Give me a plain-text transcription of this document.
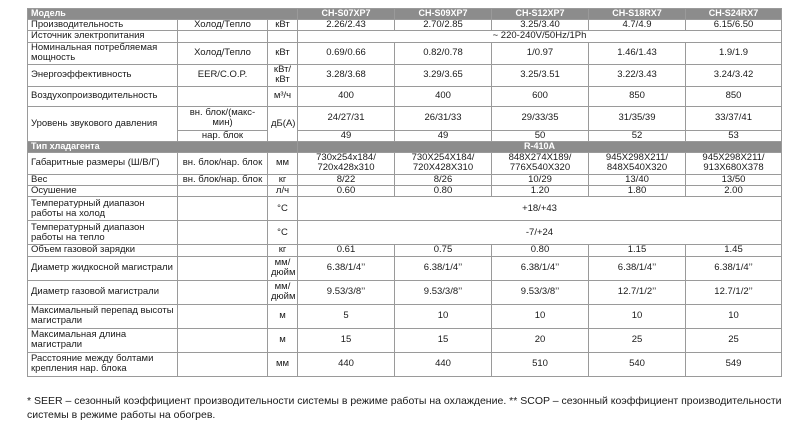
Модель			CH-S07XP7	CH-S09XP7	CH-S12XP7	CH-S18RX7	CH-S24RX7
Производительность	Холод/Тепло	кВт	2.26/2.43	2.70/2.85	3.25/3.40	4.7/4.9	6.15/6.50
Источник электропитания			~ 220-240V/50Hz/1Ph				
Номинальная потребляемая мощность	Холод/Тепло	кВт	0.69/0.66	0.82/0.78	1/0.97	1.46/1.43	1.9/1.9
Энергоэффективность	EER/C.O.P.	кВт/ кВт	3.28/3.68	3.29/3.65	3.25/3.51	3.22/3.43	3.24/3.42
Воздухопроизводительность		м³/ч	400	400	600	850	850
Уровень звукового давления	вн. блок/(макс-мин)	дБ(А)	24/27/31	26/31/33	29/33/35	31/35/39	33/37/41
	нар. блок		49	49	50	52	53
Тип хладагента			R-410A				
Габаритные размеры (Ш/В/Г)	вн. блок/нар. блок	мм	730x254x184/ 720x428x310	730X254X184/ 720X428X310	848X274X189/ 776X540X320	945X298X211/ 848X540X320	945X298X211/ 913X680X378
Вес	вн. блок/нар. блок	кг	8/22	8/26	10/29	13/40	13/50
Осушение		л/ч	0.60	0.80	1.20	1.80	2.00
Температурный диапазон работы на холод		°С	+18/+43				
Температурный диапазон работы на тепло		°С	-7/+24				
Объем газовой зарядки		кг	0.61	0.75	0.80	1.15	1.45
Диаметр жидкосной магистрали		мм/ дюйм	6.38/1/4’’	6.38/1/4’’	6.38/1/4’’	6.38/1/4’’	6.38/1/4’’
Диаметр газовой магистрали		мм/ дюйм	9.53/3/8’’	9.53/3/8’’	9.53/3/8’’	12.7/1/2’’	12.7/1/2’’
Максимальный перепад высоты магистрали		м	5	10	10	10	10
Максимальная длина магистрали		м	15	15	20	25	25
Расстояние между болтами крепления нар. блока		мм	440	440	510	540	549
* SEER – сезонный коэффициент производительности системы в режиме работы на охлаждение. ** SCOP – сезонный коэффициент производительности системы в режиме работы на обогрев.
